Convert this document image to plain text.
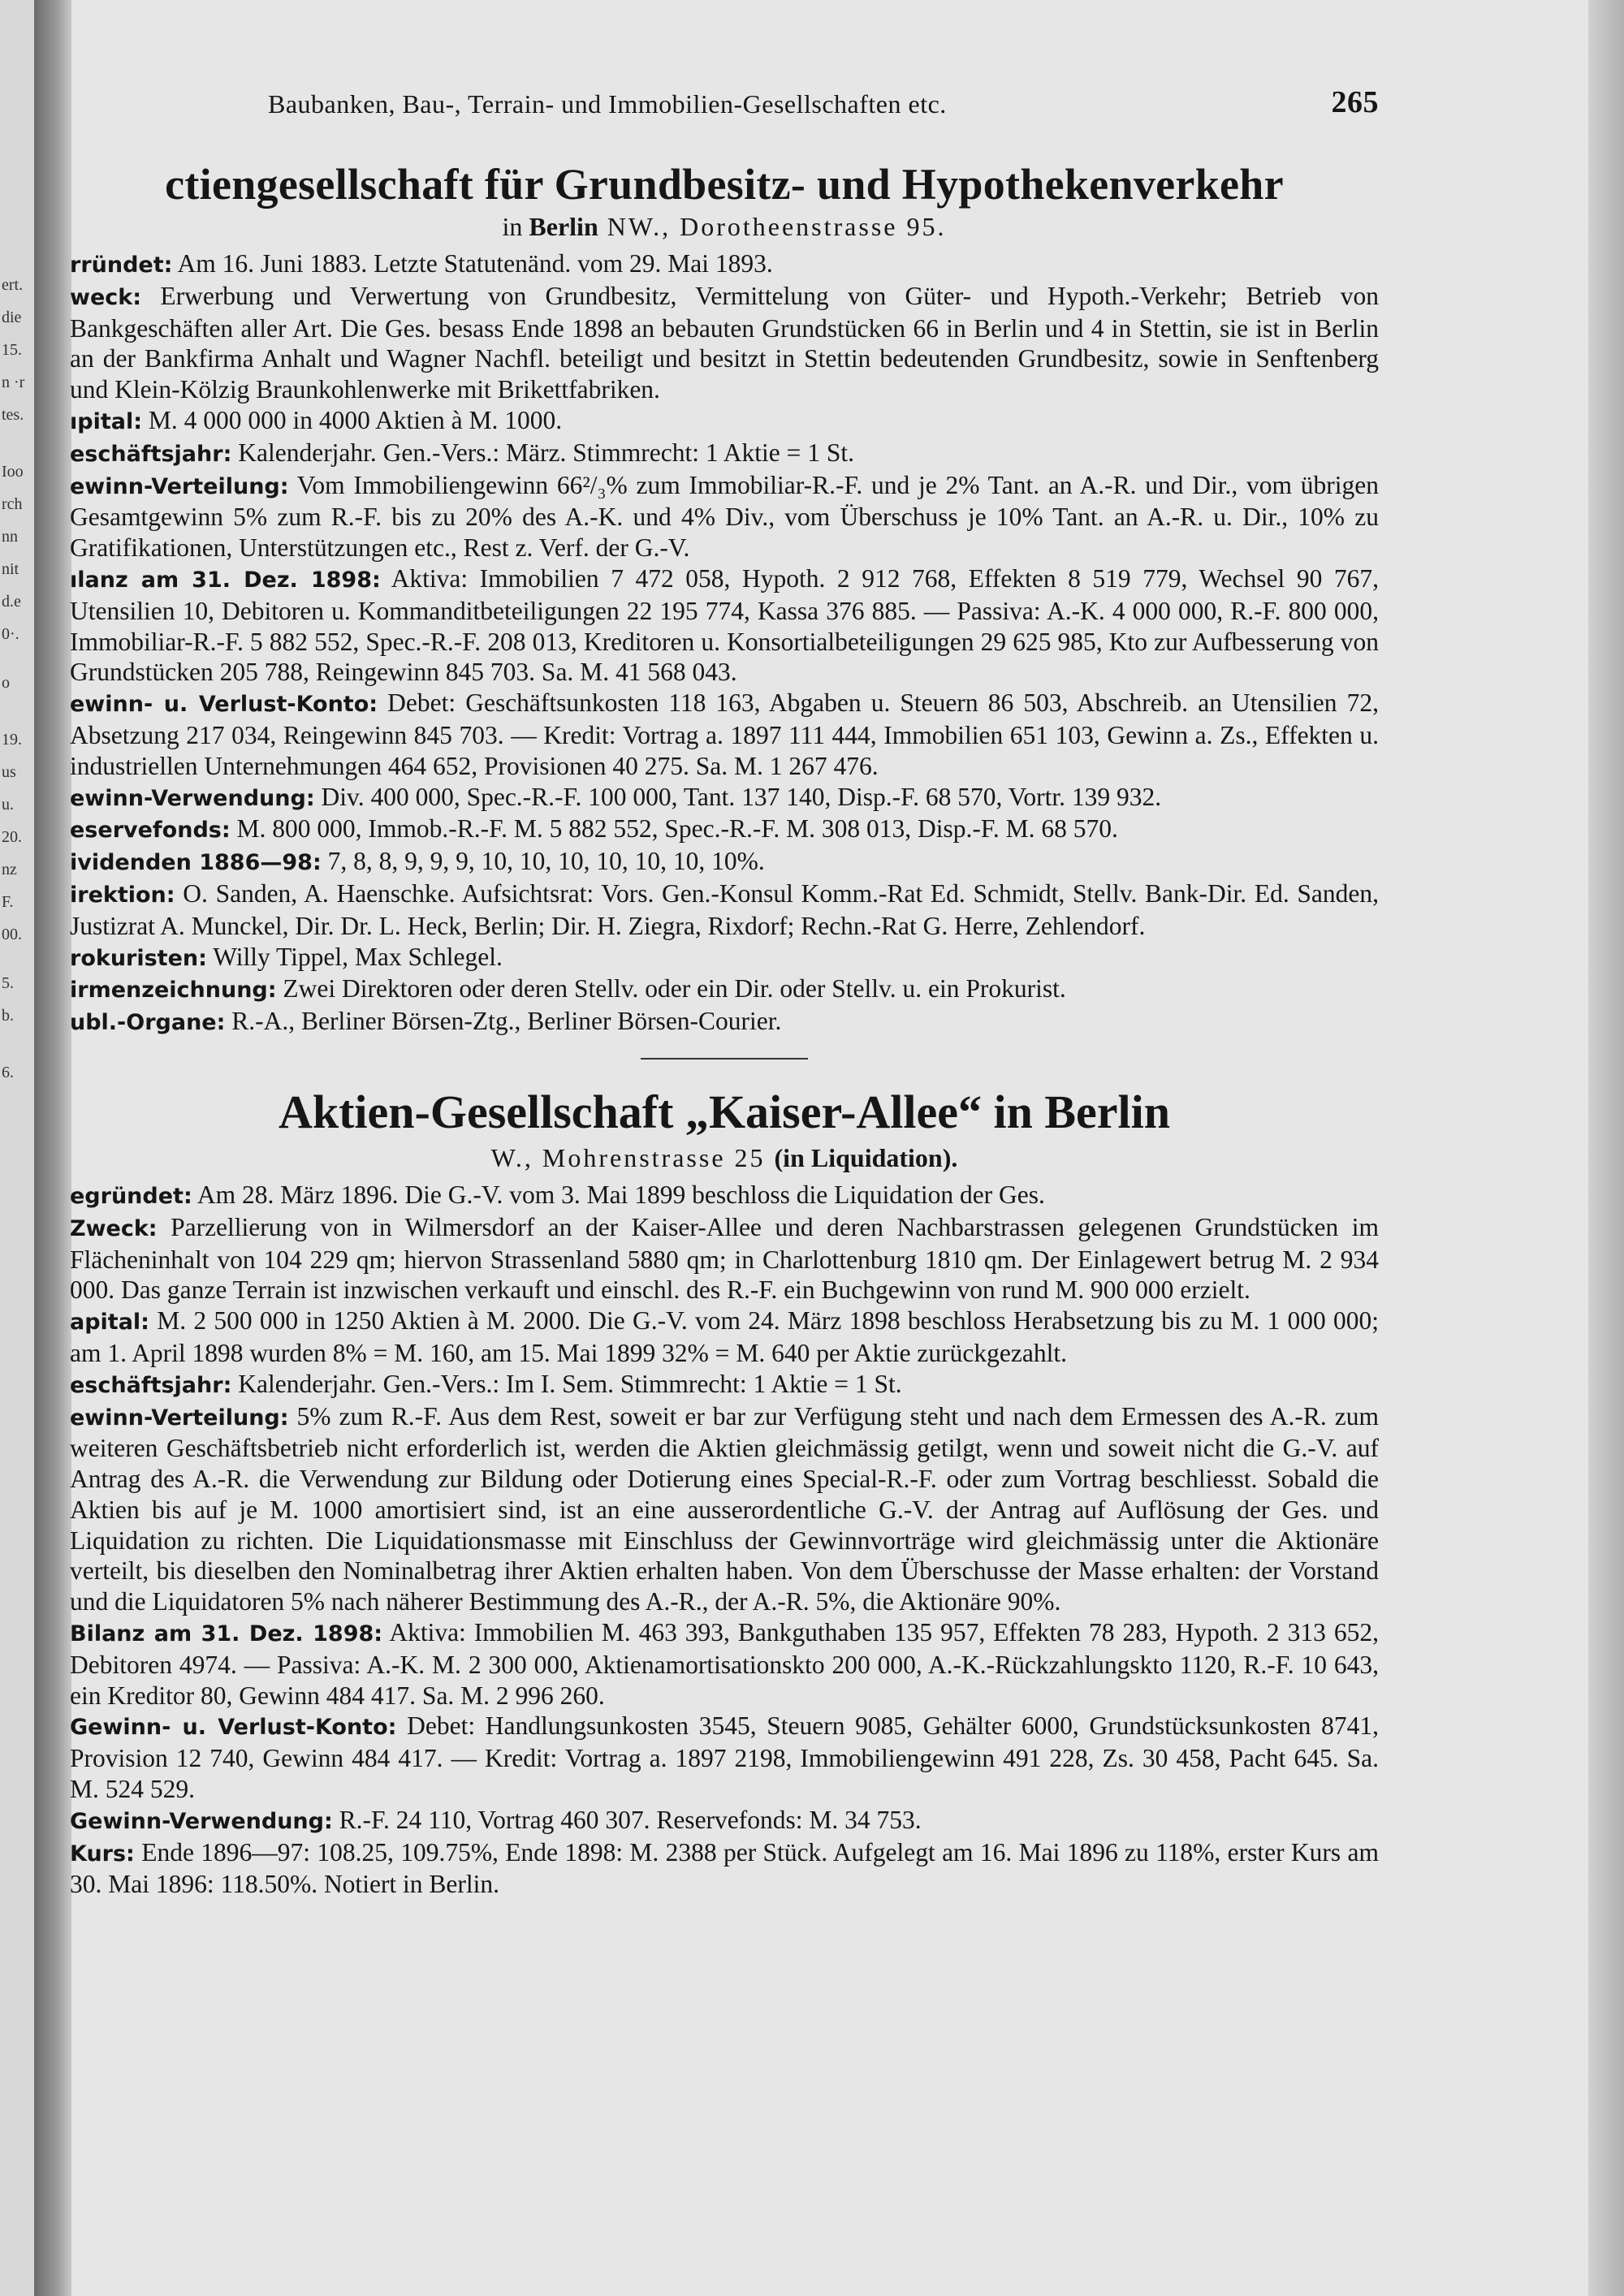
ert.
die
15.
n ·r
tes.
Ioo
rch
nn
nit
d.e
0·.
o
19.
us
u.
20.
nz
F.
00.
5.
b.
6.
Baubanken, Bau-, Terrain- und Immobilien-Gesellschaften etc.	265
ctiengesellschaft für Grundbesitz- und Hypothekenverkehr
in Berlin NW., Dorotheenstrasse 95.

rründet: Am 16. Juni 1883. Letzte Statutenänd. vom 29. Mai 1893.

weck: Erwerbung und Verwertung von Grundbesitz, Vermittelung von Güter- und Hypoth.-Verkehr; Betrieb von Bankgeschäften aller Art. Die Ges. besass Ende 1898 an bebauten Grundstücken 66 in Berlin und 4 in Stettin, sie ist in Berlin an der Bankfirma Anhalt und Wagner Nachfl. beteiligt und besitzt in Stettin bedeutenden Grundbesitz, sowie in Senftenberg und Klein-Kölzig Braunkohlenwerke mit Brikettfabriken.

ıpital: M. 4 000 000 in 4000 Aktien à M. 1000.

eschäftsjahr: Kalenderjahr. Gen.-Vers.: März. Stimmrecht: 1 Aktie = 1 St.

ewinn-Verteilung: Vom Immobiliengewinn 66²/₃% zum Immobiliar-R.-F. und je 2% Tant. an A.-R. und Dir., vom übrigen Gesamtgewinn 5% zum R.-F. bis zu 20% des A.-K. und 4% Div., vom Überschuss je 10% Tant. an A.-R. u. Dir., 10% zu Gratifikationen, Unterstützungen etc., Rest z. Verf. der G.-V.

ılanz am 31. Dez. 1898: Aktiva: Immobilien 7 472 058, Hypoth. 2 912 768, Effekten 8 519 779, Wechsel 90 767, Utensilien 10, Debitoren u. Kommanditbeteiligungen 22 195 774, Kassa 376 885. — Passiva: A.-K. 4 000 000, R.-F. 800 000, Immobiliar-R.-F. 5 882 552, Spec.-R.-F. 208 013, Kreditoren u. Konsortialbeteiligungen 29 625 985, Kto zur Aufbesserung von Grundstücken 205 788, Reingewinn 845 703. Sa. M. 41 568 043.

ewinn- u. Verlust-Konto: Debet: Geschäftsunkosten 118 163, Abgaben u. Steuern 86 503, Abschreib. an Utensilien 72, Absetzung 217 034, Reingewinn 845 703. — Kredit: Vortrag a. 1897 111 444, Immobilien 651 103, Gewinn a. Zs., Effekten u. industriellen Unternehmungen 464 652, Provisionen 40 275. Sa. M. 1 267 476.

ewinn-Verwendung: Div. 400 000, Spec.-R.-F. 100 000, Tant. 137 140, Disp.-F. 68 570, Vortr. 139 932.

eservefonds: M. 800 000, Immob.-R.-F. M. 5 882 552, Spec.-R.-F. M. 308 013, Disp.-F. M. 68 570.

ividenden 1886—98: 7, 8, 8, 9, 9, 9, 10, 10, 10, 10, 10, 10, 10%.

irektion: O. Sanden, A. Haenschke. Aufsichtsrat: Vors. Gen.-Konsul Komm.-Rat Ed. Schmidt, Stellv. Bank-Dir. Ed. Sanden, Justizrat A. Munckel, Dir. Dr. L. Heck, Berlin; Dir. H. Ziegra, Rixdorf; Rechn.-Rat G. Herre, Zehlendorf.

rokuristen: Willy Tippel, Max Schlegel.

irmenzeichnung: Zwei Direktoren oder deren Stellv. oder ein Dir. oder Stellv. u. ein Prokurist.

ubl.-Organe: R.-A., Berliner Börsen-Ztg., Berliner Börsen-Courier.

Aktien-Gesellschaft „Kaiser-Allee“ in Berlin
W., Mohrenstrasse 25 (in Liquidation).

egründet: Am 28. März 1896. Die G.-V. vom 3. Mai 1899 beschloss die Liquidation der Ges.

Zweck: Parzellierung von in Wilmersdorf an der Kaiser-Allee und deren Nachbarstrassen gelegenen Grundstücken im Flächeninhalt von 104 229 qm; hiervon Strassenland 5880 qm; in Charlottenburg 1810 qm. Der Einlagewert betrug M. 2 934 000. Das ganze Terrain ist inzwischen verkauft und einschl. des R.-F. ein Buchgewinn von rund M. 900 000 erzielt.

apital: M. 2 500 000 in 1250 Aktien à M. 2000. Die G.-V. vom 24. März 1898 beschloss Herabsetzung bis zu M. 1 000 000; am 1. April 1898 wurden 8% = M. 160, am 15. Mai 1899 32% = M. 640 per Aktie zurückgezahlt.

eschäftsjahr: Kalenderjahr. Gen.-Vers.: Im I. Sem. Stimmrecht: 1 Aktie = 1 St.

ewinn-Verteilung: 5% zum R.-F. Aus dem Rest, soweit er bar zur Verfügung steht und nach dem Ermessen des A.-R. zum weiteren Geschäftsbetrieb nicht erforderlich ist, werden die Aktien gleichmässig getilgt, wenn und soweit nicht die G.-V. auf Antrag des A.-R. die Verwendung zur Bildung oder Dotierung eines Special-R.-F. oder zum Vortrag beschliesst. Sobald die Aktien bis auf je M. 1000 amortisiert sind, ist an eine ausserordentliche G.-V. der Antrag auf Auflösung der Ges. und Liquidation zu richten. Die Liquidationsmasse mit Einschluss der Gewinnvorträge wird gleichmässig unter die Aktionäre verteilt, bis dieselben den Nominalbetrag ihrer Aktien erhalten haben. Von dem Überschusse der Masse erhalten: der Vorstand und die Liquidatoren 5% nach näherer Bestimmung des A.-R., der A.-R. 5%, die Aktionäre 90%.

Bilanz am 31. Dez. 1898: Aktiva: Immobilien M. 463 393, Bankguthaben 135 957, Effekten 78 283, Hypoth. 2 313 652, Debitoren 4974. — Passiva: A.-K. M. 2 300 000, Aktienamortisationskto 200 000, A.-K.-Rückzahlungskto 1120, R.-F. 10 643, ein Kreditor 80, Gewinn 484 417. Sa. M. 2 996 260.

Gewinn- u. Verlust-Konto: Debet: Handlungsunkosten 3545, Steuern 9085, Gehälter 6000, Grundstücksunkosten 8741, Provision 12 740, Gewinn 484 417. — Kredit: Vortrag a. 1897 2198, Immobiliengewinn 491 228, Zs. 30 458, Pacht 645. Sa. M. 524 529.

Gewinn-Verwendung: R.-F. 24 110, Vortrag 460 307. Reservefonds: M. 34 753.

Kurs: Ende 1896—97: 108.25, 109.75%, Ende 1898: M. 2388 per Stück. Aufgelegt am 16. Mai 1896 zu 118%, erster Kurs am 30. Mai 1896: 118.50%. Notiert in Berlin.
